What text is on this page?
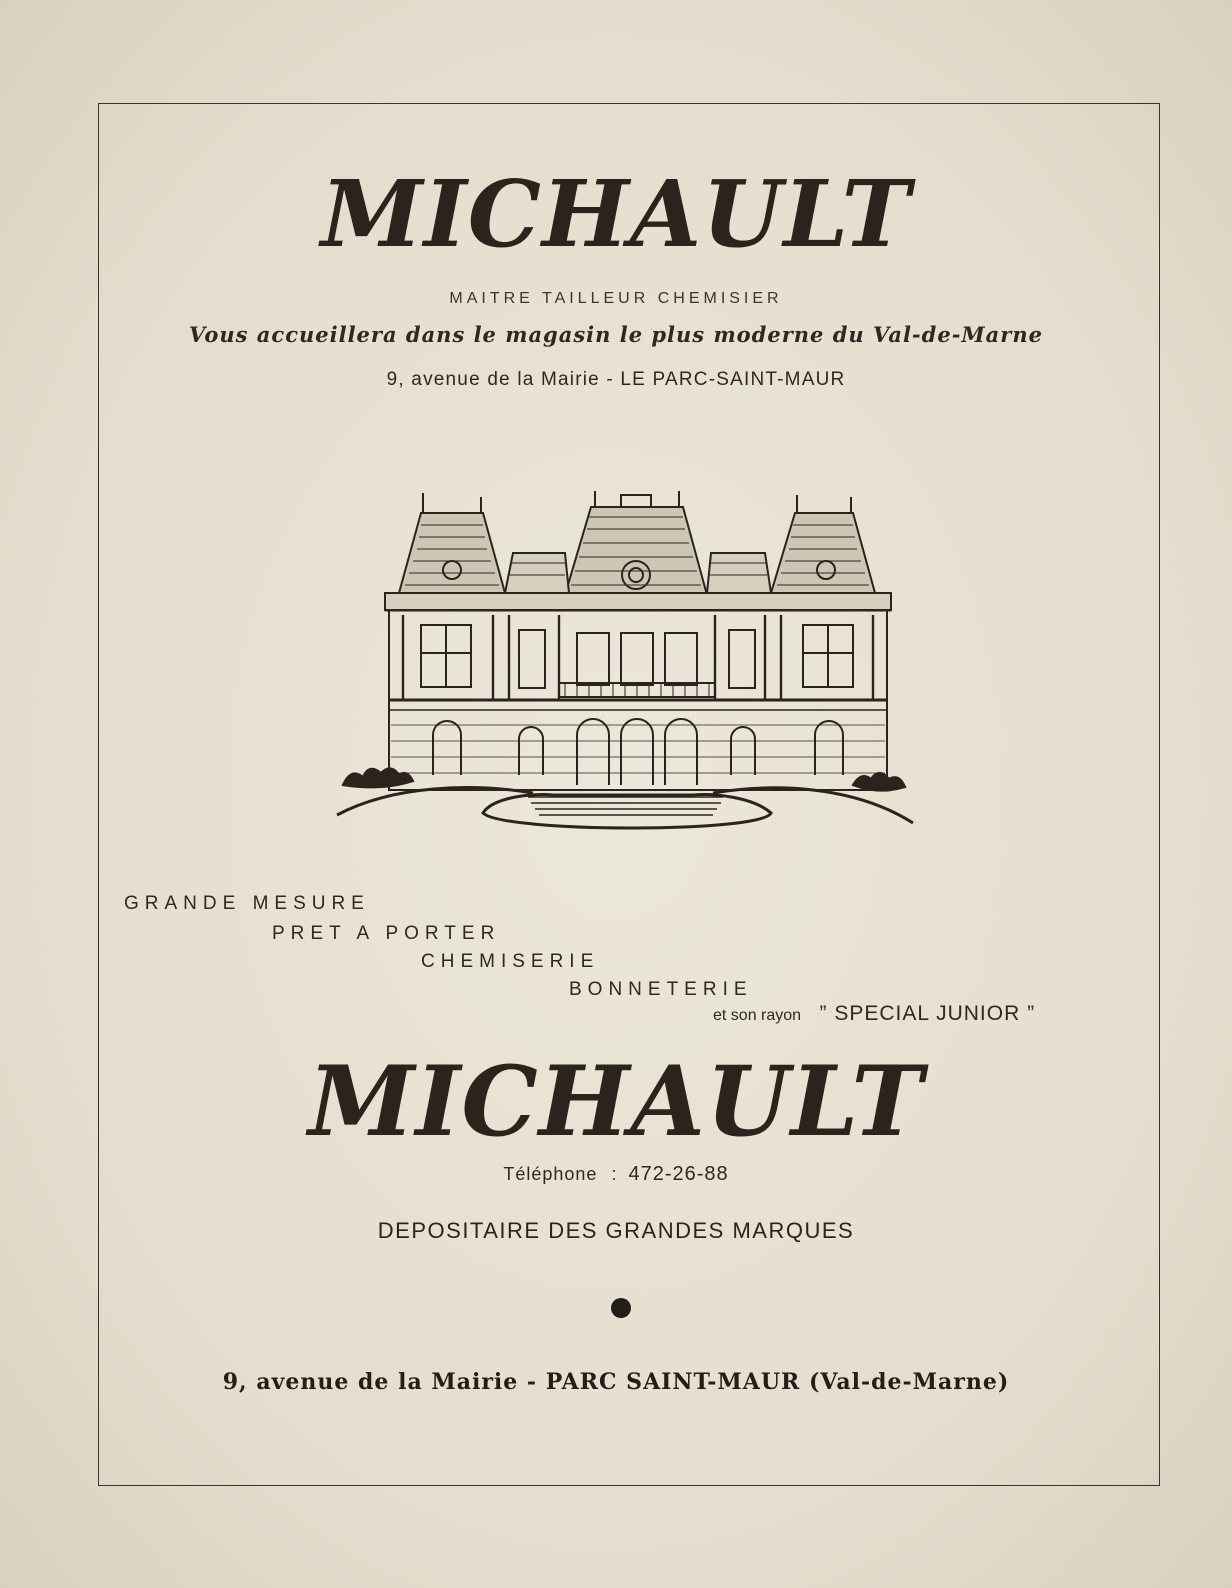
MICHAULT
MAITRE TAILLEUR CHEMISIER
Vous accueillera dans le magasin le plus moderne du Val-de-Marne
9, avenue de la Mairie - LE PARC-SAINT-MAUR
GRANDE MESURE
PRET A PORTER
CHEMISERIE
BONNETERIE
et son rayon ” SPECIAL JUNIOR ”
MICHAULT
Téléphone : 472-26-88
DEPOSITAIRE DES GRANDES MARQUES
9, avenue de la Mairie - PARC SAINT-MAUR (Val-de-Marne)
